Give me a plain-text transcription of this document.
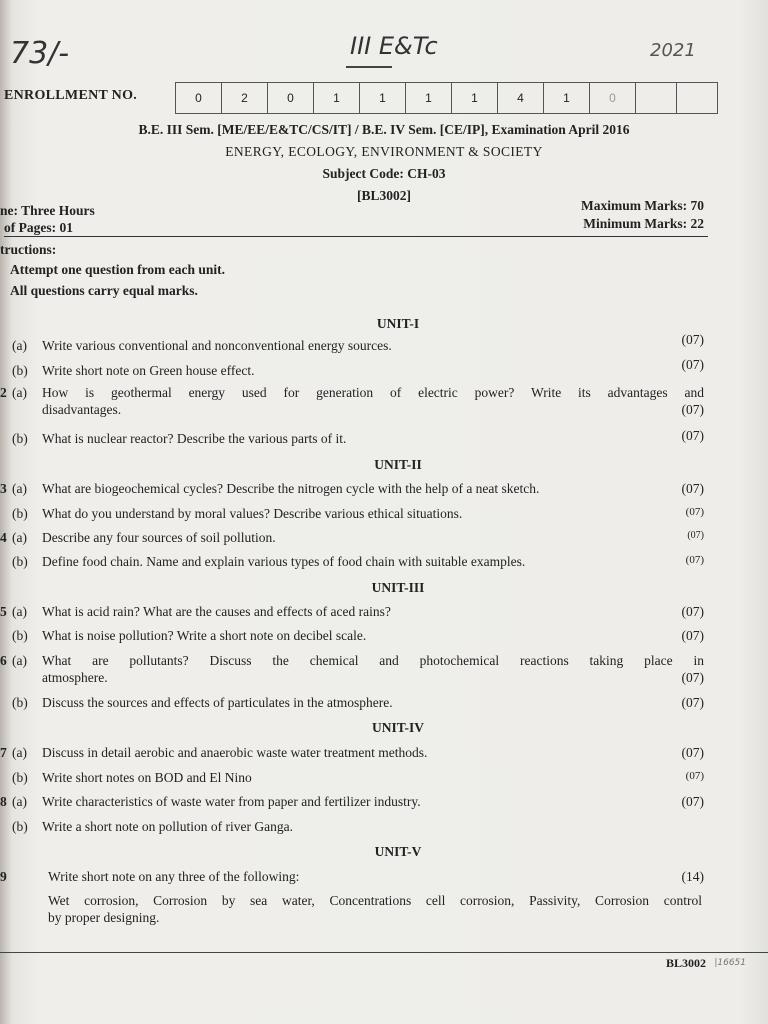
73/-	III E&Tc	2021
ENROLLMENT NO.	0	2	0	1	1	1	1	4	1	0
B.E. III Sem. [ME/EE/E&TC/CS/IT] / B.E. IV Sem. [CE/IP], Examination April 2016
ENERGY, ECOLOGY, ENVIRONMENT & SOCIETY
Subject Code: CH-03
[BL3002]
ne: Three Hours
of Pages: 01
Maximum Marks: 70
Minimum Marks: 22
tructions:
Attempt one question from each unit.
All questions carry equal marks.
UNIT-I
(a) Write various conventional and nonconventional energy sources.	(07)
(b) Write short note on Green house effect.	(07)
2 (a) How is geothermal energy used for generation of electric power? Write its advantages and
disadvantages.	(07)
(b) What is nuclear reactor? Describe the various parts of it.	(07)
UNIT-II
3 (a) What are biogeochemical cycles? Describe the nitrogen cycle with the help of a neat sketch.	(07)
(b) What do you understand by moral values? Describe various ethical situations.	(07)
4 (a) Describe any four sources of soil pollution.	(07)
(b) Define food chain. Name and explain various types of food chain with suitable examples.	(07)
UNIT-III
5 (a) What is acid rain? What are the causes and effects of aced rains?	(07)
(b) What is noise pollution? Write a short note on decibel scale.	(07)
6 (a) What are pollutants? Discuss the chemical and photochemical reactions taking place in
atmosphere.	(07)
(b) Discuss the sources and effects of particulates in the atmosphere.	(07)
UNIT-IV
7 (a) Discuss in detail aerobic and anaerobic waste water treatment methods.	(07)
(b) Write short notes on BOD and El Nino	(07)
8 (a) Write characteristics of waste water from paper and fertilizer industry.	(07)
(b) Write a short note on pollution of river Ganga.
UNIT-V
9	Write short note on any three of the following:	(14)
Wet corrosion, Corrosion by sea water, Concentrations cell corrosion, Passivity, Corrosion control
by proper designing.
BL3002 |16651
